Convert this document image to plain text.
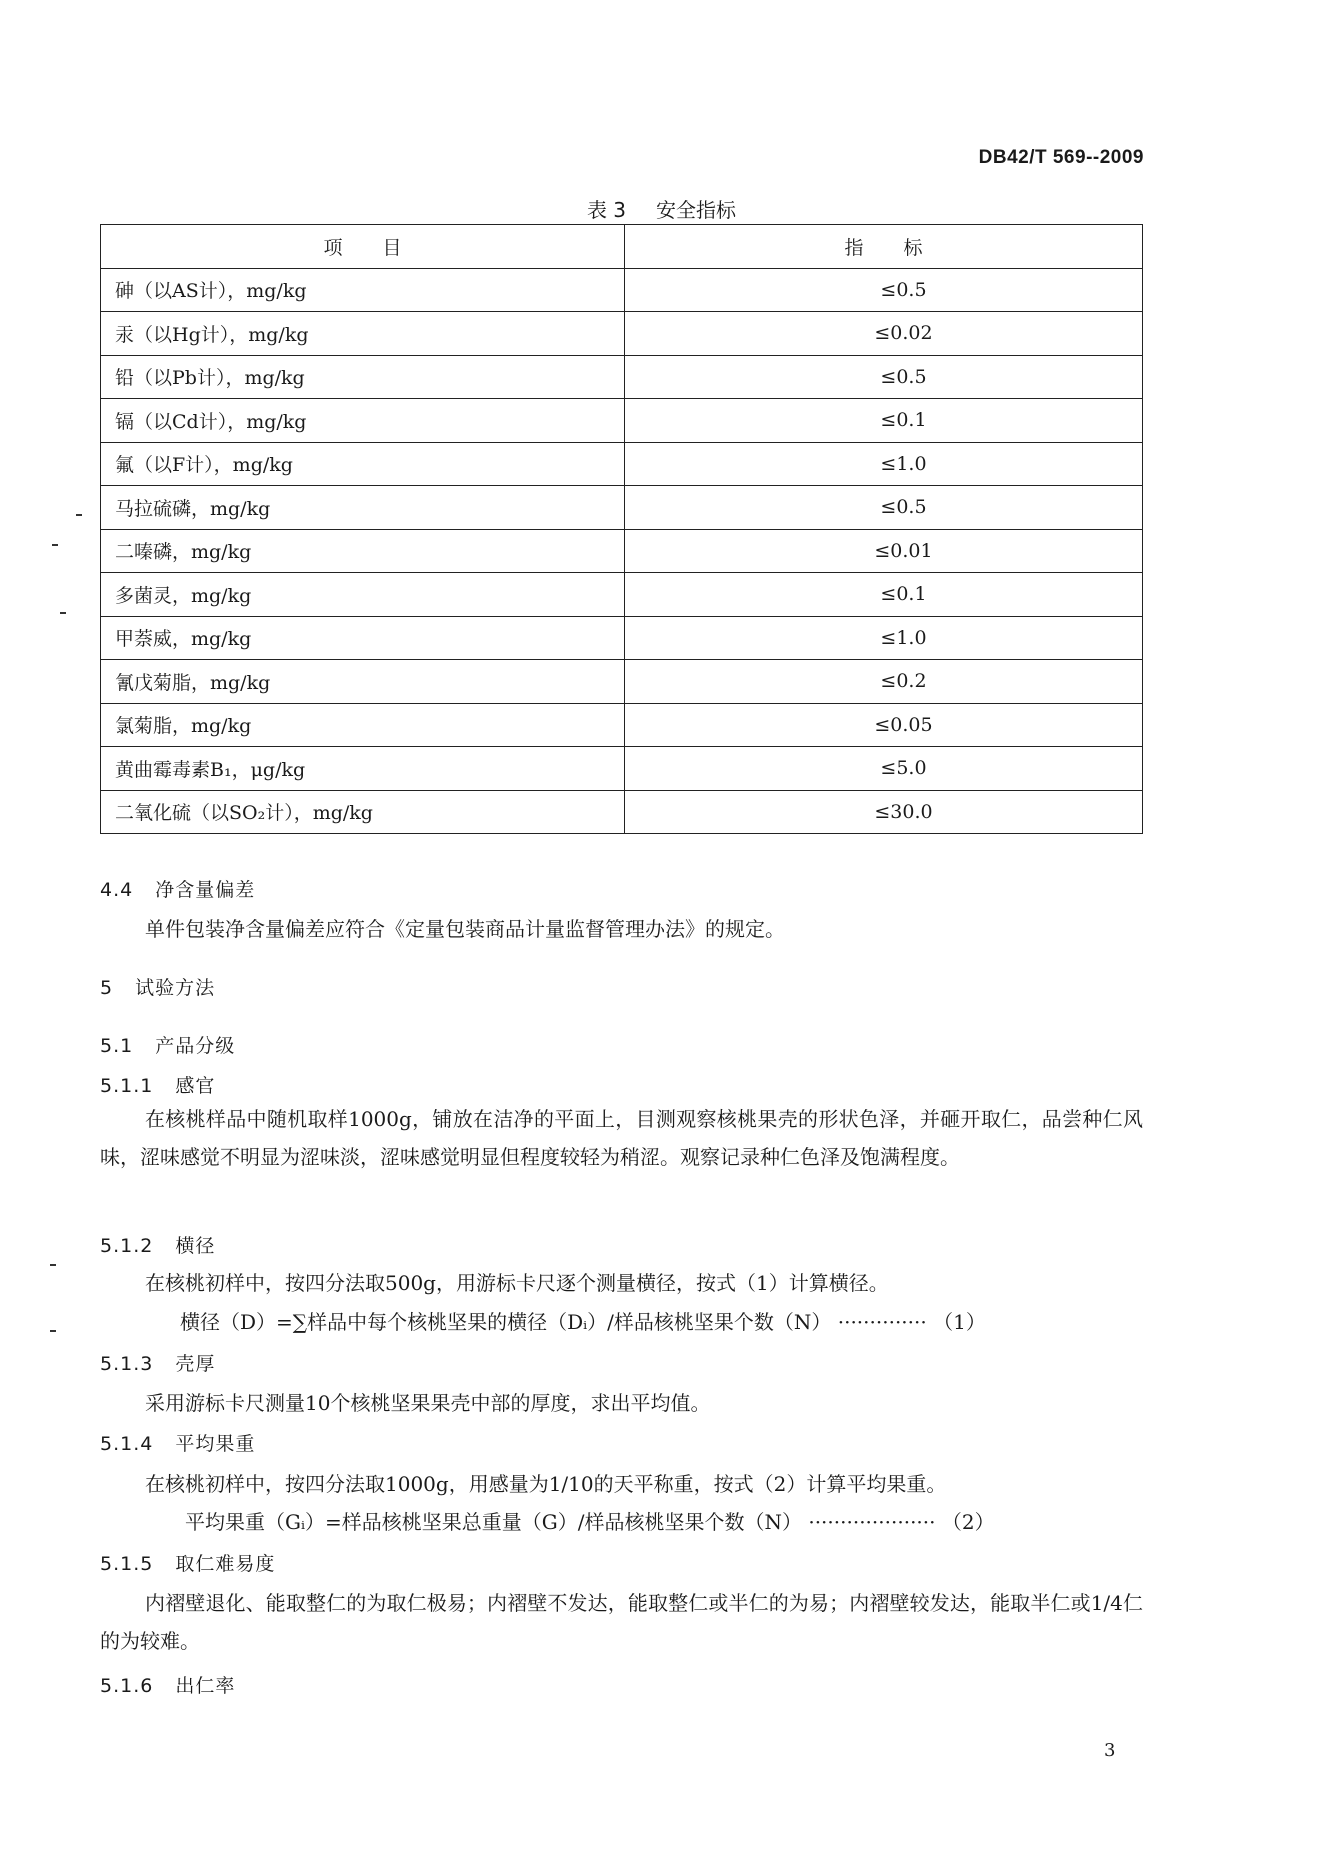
DB42/T 569--2009
表 3 安全指标
项目	指标
砷（以AS计），mg/kg	≤0.5
汞（以Hg计），mg/kg	≤0.02
铅（以Pb计），mg/kg	≤0.5
镉（以Cd计），mg/kg	≤0.1
氟（以F计），mg/kg	≤1.0
马拉硫磷，mg/kg	≤0.5
二嗪磷，mg/kg	≤0.01
多菌灵，mg/kg	≤0.1
甲萘威，mg/kg	≤1.0
氰戊菊脂，mg/kg	≤0.2
氯菊脂，mg/kg	≤0.05
黄曲霉毒素B₁，μg/kg	≤5.0
二氧化硫（以SO₂计），mg/kg	≤30.0
4.4 净含量偏差
单件包装净含量偏差应符合《定量包装商品计量监督管理办法》的规定。
5 试验方法
5.1 产品分级
5.1.1 感官
在核桃样品中随机取样1000g，铺放在洁净的平面上，目测观察核桃果壳的形状色泽，并砸开取仁，品尝种仁风味，涩味感觉不明显为涩味淡，涩味感觉明显但程度较轻为稍涩。观察记录种仁色泽及饱满程度。
5.1.2 横径
在核桃初样中，按四分法取500g，用游标卡尺逐个测量横径，按式（1）计算横径。
横径（D）=∑样品中每个核桃坚果的横径（Dᵢ）/样品核桃坚果个数（N） ·············· （1）
5.1.3 壳厚
采用游标卡尺测量10个核桃坚果果壳中部的厚度，求出平均值。
5.1.4 平均果重
在核桃初样中，按四分法取1000g，用感量为1/10的天平称重，按式（2）计算平均果重。
平均果重（Gᵢ）=样品核桃坚果总重量（G）/样品核桃坚果个数（N） ···················· （2）
5.1.5 取仁难易度
内褶壁退化、能取整仁的为取仁极易；内褶壁不发达，能取整仁或半仁的为易；内褶壁较发达，能取半仁或1/4仁的为较难。
5.1.6 出仁率
3
